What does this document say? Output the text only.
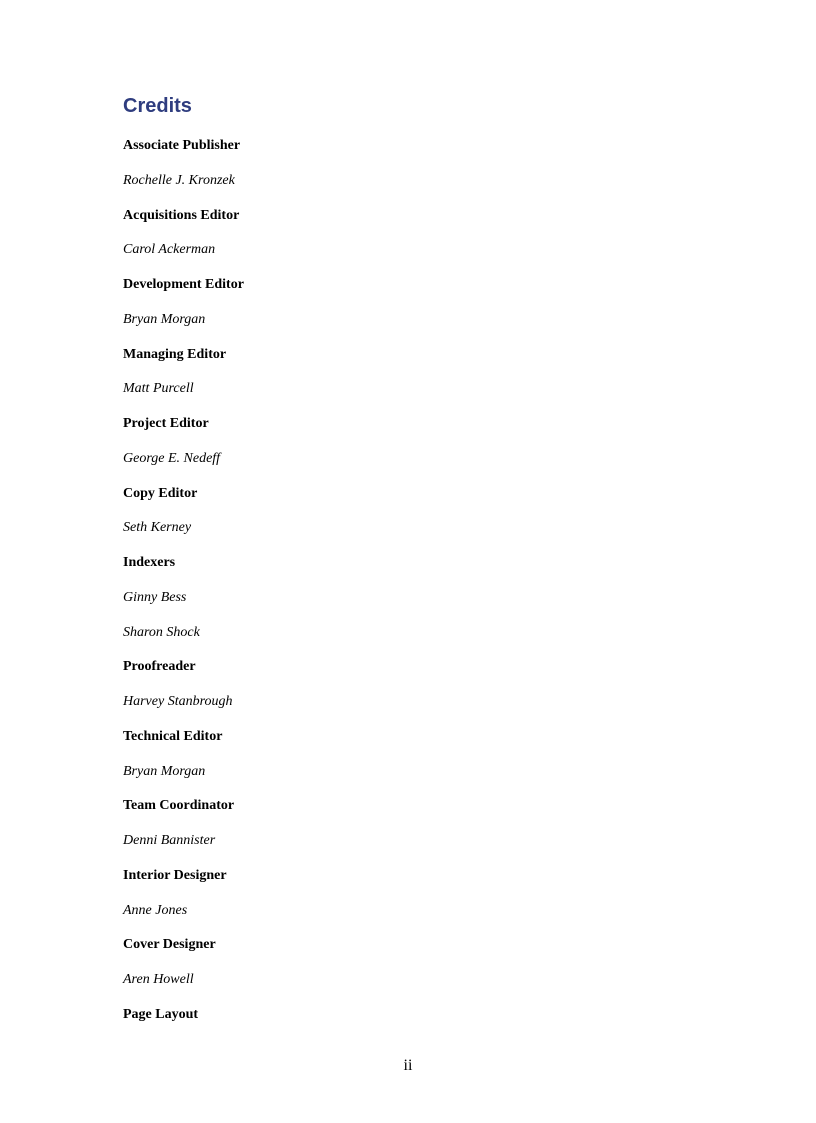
Credits
Associate Publisher
Rochelle J. Kronzek
Acquisitions Editor
Carol Ackerman
Development Editor
Bryan Morgan
Managing Editor
Matt Purcell
Project Editor
George E. Nedeff
Copy Editor
Seth Kerney
Indexers
Ginny Bess
Sharon Shock
Proofreader
Harvey Stanbrough
Technical Editor
Bryan Morgan
Team Coordinator
Denni Bannister
Interior Designer
Anne Jones
Cover Designer
Aren Howell
Page Layout
ii
